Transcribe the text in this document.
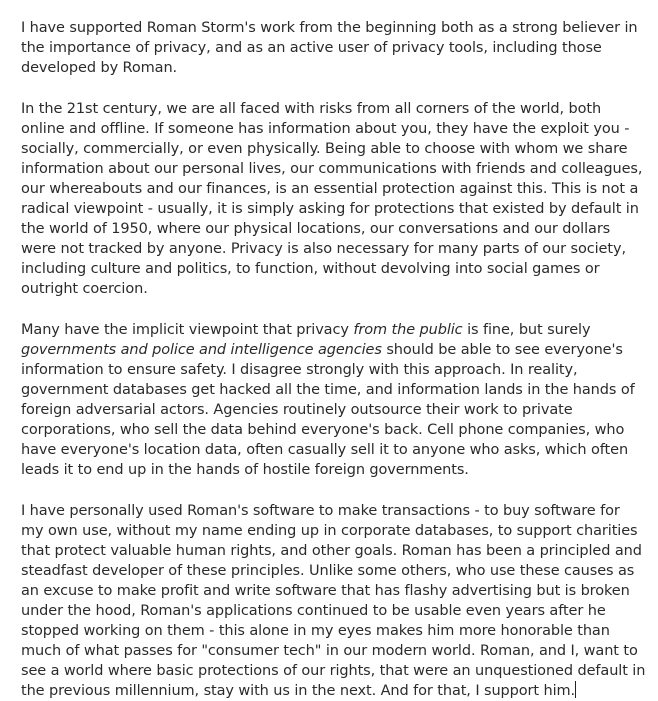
I have supported Roman Storm's work from the beginning both as a strong believer in the importance of privacy, and as an active user of privacy tools, including those developed by Roman.

In the 21st century, we are all faced with risks from all corners of the world, both online and offline. If someone has information about you, they have the exploit you - socially, commercially, or even physically. Being able to choose with whom we share information about our personal lives, our communications with friends and colleagues, our whereabouts and our finances, is an essential protection against this. This is not a radical viewpoint - usually, it is simply asking for protections that existed by default in the world of 1950, where our physical locations, our conversations and our dollars were not tracked by anyone. Privacy is also necessary for many parts of our society, including culture and politics, to function, without devolving into social games or outright coercion.

Many have the implicit viewpoint that privacy from the public is fine, but surely governments and police and intelligence agencies should be able to see everyone's information to ensure safety. I disagree strongly with this approach. In reality, government databases get hacked all the time, and information lands in the hands of foreign adversarial actors. Agencies routinely outsource their work to private corporations, who sell the data behind everyone's back. Cell phone companies, who have everyone's location data, often casually sell it to anyone who asks, which often leads it to end up in the hands of hostile foreign governments.

I have personally used Roman's software to make transactions - to buy software for my own use, without my name ending up in corporate databases, to support charities that protect valuable human rights, and other goals. Roman has been a principled and steadfast developer of these principles. Unlike some others, who use these causes as an excuse to make profit and write software that has flashy advertising but is broken under the hood, Roman's applications continued to be usable even years after he stopped working on them - this alone in my eyes makes him more honorable than much of what passes for "consumer tech" in our modern world. Roman, and I, want to see a world where basic protections of our rights, that were an unquestioned default in the previous millennium, stay with us in the next. And for that, I support him.
